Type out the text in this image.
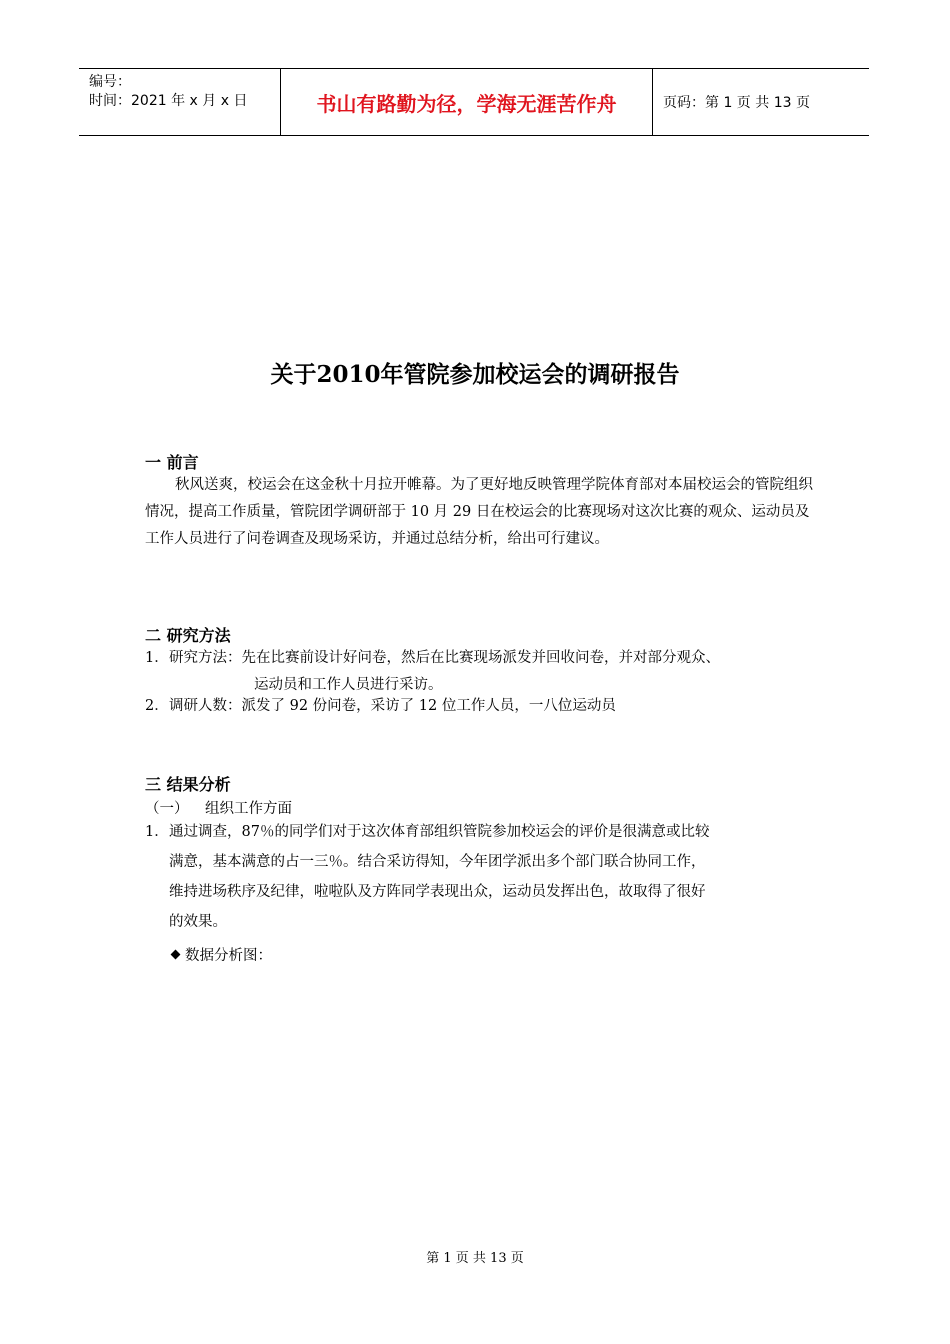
编号：
时间：2021 年 x 月 x 日	书山有路勤为径，学海无涯苦作舟	页码：第 1 页 共 13 页
关于2010年管院参加校运会的调研报告
一 前言

秋风送爽，校运会在这金秋十月拉开帷幕。为了更好地反映管理学院体育部对本届校运会的管院组织情况，提高工作质量，管院团学调研部于 10 月 29 日在校运会的比赛现场对这次比赛的观众、运动员及工作人员进行了问卷调查及现场采访，并通过总结分析，给出可行建议。

二 研究方法
1．研究方法：先在比赛前设计好问卷，然后在比赛现场派发并回收问卷，并对部分观众、
运动员和工作人员进行采访。
2．调研人数：派发了 92 份问卷，采访了 12 位工作人员，一八位运动员
三 结果分析
（一） 组织工作方面
1．通过调查，87％的同学们对于这次体育部组织管院参加校运会的评价是很满意或比较
满意，基本满意的占一三％。结合采访得知，今年团学派出多个部门联合协同工作，
维持进场秩序及纪律，啦啦队及方阵同学表现出众，运动员发挥出色，故取得了很好
的效果。
数据分析图：
第 1 页 共 13 页
